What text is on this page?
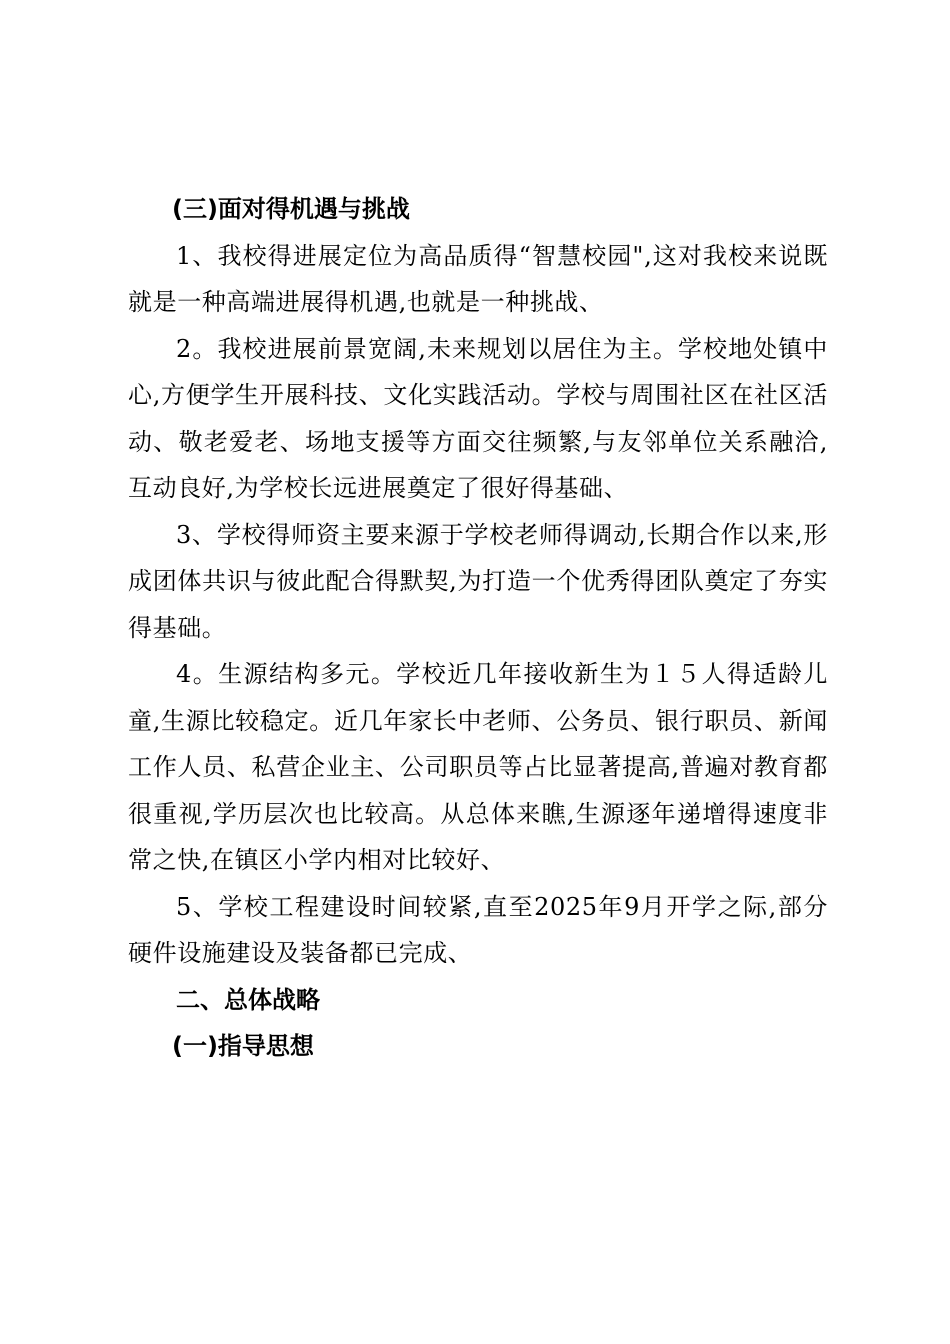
(三)面对得机遇与挑战

1、我校得进展定位为高品质得“智慧校园",这对我校来说既就是一种高端进展得机遇,也就是一种挑战、

2。我校进展前景宽阔,未来规划以居住为主。学校地处镇中心,方便学生开展科技、文化实践活动。学校与周围社区在社区活动、敬老爱老、场地支援等方面交往频繁,与友邻单位关系融洽,互动良好,为学校长远进展奠定了很好得基础、

3、学校得师资主要来源于学校老师得调动,长期合作以来,形成团体共识与彼此配合得默契,为打造一个优秀得团队奠定了夯实得基础。

4。生源结构多元。学校近几年接收新生为１５人得适龄儿童,生源比较稳定。近几年家长中老师、公务员、银行职员、新闻工作人员、私营企业主、公司职员等占比显著提高,普遍对教育都很重视,学历层次也比较高。从总体来瞧,生源逐年递增得速度非常之快,在镇区小学内相对比较好、

5、学校工程建设时间较紧,直至2025年9月开学之际,部分硬件设施建设及装备都已完成、

二、总体战略

(一)指导思想
